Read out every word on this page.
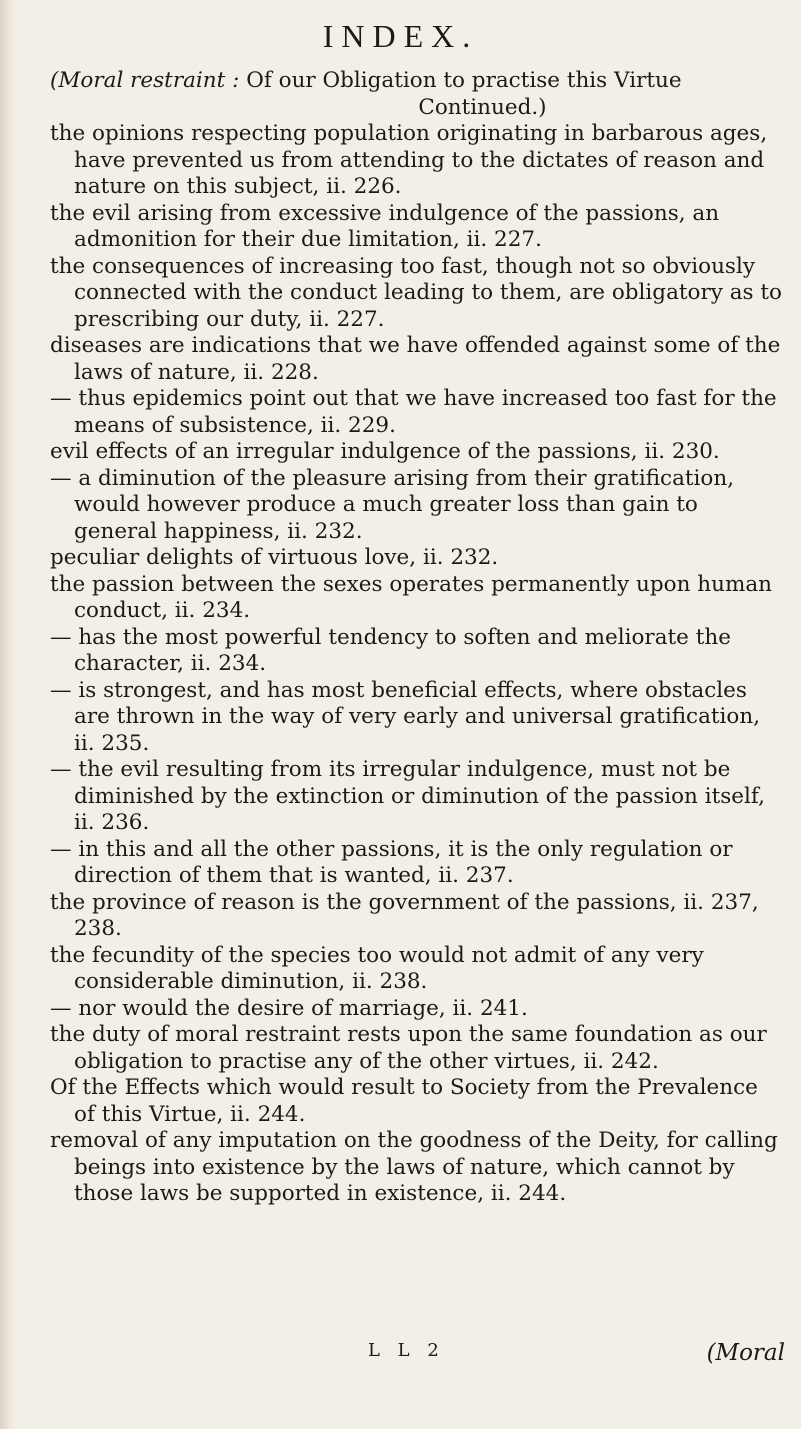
INDEX.

(Moral restraint : Of our Obligation to practise this Virtue

Continued.)

the opinions respecting population originating in barbarous ages, have prevented us from attending to the dictates of reason and nature on this subject, ii. 226.

the evil arising from excessive indulgence of the passions, an admonition for their due limitation, ii. 227.

the consequences of increasing too fast, though not so obviously connected with the conduct leading to them, are obligatory as to prescribing our duty, ii. 227.

diseases are indications that we have offended against some of the laws of nature, ii. 228.

— thus epidemics point out that we have increased too fast for the means of subsistence, ii. 229.

evil effects of an irregular indulgence of the passions, ii. 230.

— a diminution of the pleasure arising from their gratification, would however produce a much greater loss than gain to general happiness, ii. 232.

peculiar delights of virtuous love, ii. 232.

the passion between the sexes operates permanently upon human conduct, ii. 234.

— has the most powerful tendency to soften and meliorate the character, ii. 234.

— is strongest, and has most beneficial effects, where obstacles are thrown in the way of very early and universal gratification, ii. 235.

— the evil resulting from its irregular indulgence, must not be diminished by the extinction or diminution of the passion itself, ii. 236.

— in this and all the other passions, it is the only regulation or direction of them that is wanted, ii. 237.

the province of reason is the government of the passions, ii. 237, 238.

the fecundity of the species too would not admit of any very considerable diminution, ii. 238.

— nor would the desire of marriage, ii. 241.

the duty of moral restraint rests upon the same foundation as our obligation to practise any of the other virtues, ii. 242.

Of the Effects which would result to Society from the Prevalence of this Virtue, ii. 244.

removal of any imputation on the goodness of the Deity, for calling beings into existence by the laws of nature, which cannot by those laws be supported in existence, ii. 244.

L L 2	(Moral
